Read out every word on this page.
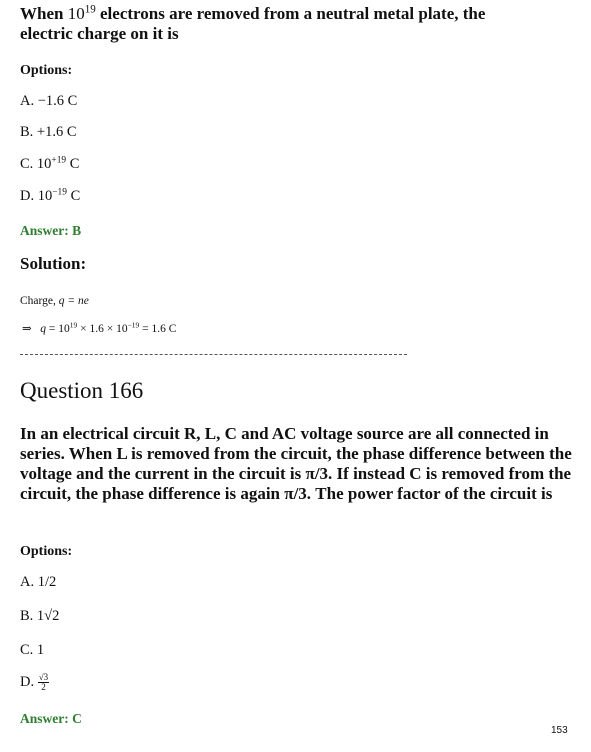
When $10^{19}$ electrons are removed from a neutral metal plate, the
electric charge on it is
Options:
A. −1.6 C
B. +1.6 C
C. $10^{+19}$ C
D. $10^{-19}$ C
Answer: B
Solution:
Charge, q = ne
⇒ $q = 10^{19} \times 1.6 \times 10^{-19} = 1.6$ C
Question 166
In an electrical circuit R, L, C and AC voltage source are all connected in series. When L is removed from the circuit, the phase difference between the voltage and the current in the circuit is π/3. If instead C is removed from the circuit, the phase difference is again π/3. The power factor of the circuit is
Options:
A. 1/2
B. 1√2
C. 1
D. $\frac{√3}{2}$
Answer: C
153
